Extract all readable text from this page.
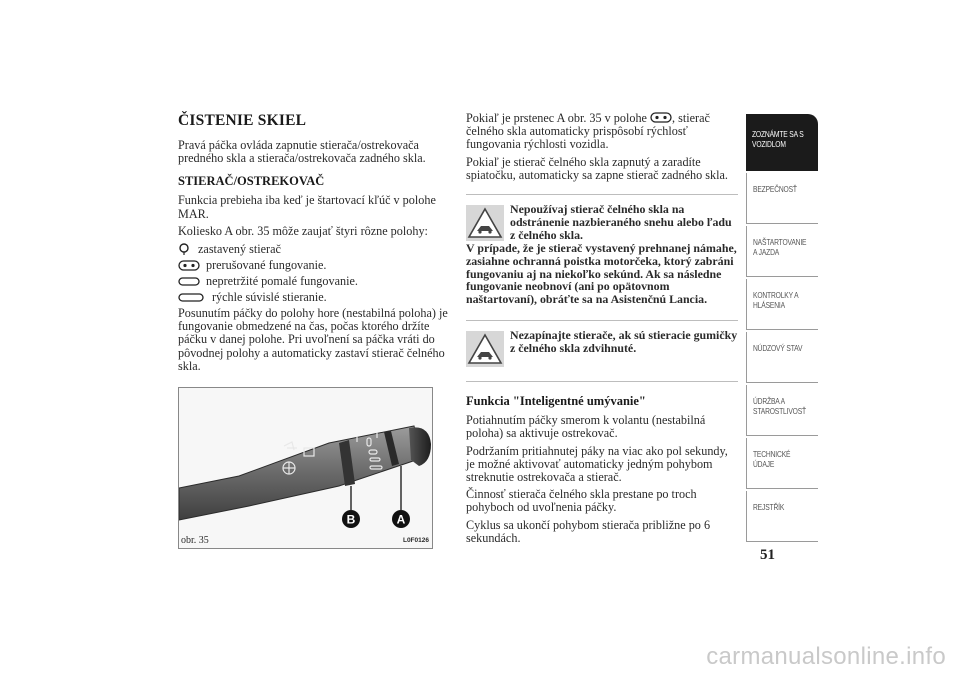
ČISTENIE SKIEL

Pravá páčka ovláda zapnutie stierača/ostrekovača predného skla a stierača/ostrekovača zadného skla.

STIERAČ/OSTREKOVAČ

Funkcia prebieha iba keď je štartovací kľúč v polohe MAR.

Koliesko A obr. 35 môže zaujať štyri rôzne polohy:

zastavený stierač
prerušované fungovanie.
nepretržité pomalé fungovanie.
rýchle súvislé stieranie.

Posunutím páčky do polohy hore (nestabilná poloha) je fungovanie obmedzené na čas, počas ktorého držíte páčku v danej polohe. Pri uvoľnení sa páčka vráti do pôvodnej polohy a automaticky zastaví stierač čelného skla.

B	A
obr. 35	L0F0126

Pokiaľ je prstenec A obr. 35 v polohe , stierač čelného skla automaticky prispôsobí rýchlosť fungovania rýchlosti vozidla.

Pokiaľ je stierač čelného skla zapnutý a zaradíte spiatočku, automaticky sa zapne stierač zadného skla.

Nepoužívaj stierač čelného skla na odstránenie nazbieraného snehu alebo ľadu z čelného skla.
V prípade, že je stierač vystavený prehnanej námahe, zasiahne ochranná poistka motorčeka, ktorý zabráni fungovaniu aj na niekoľko sekúnd. Ak sa následne fungovanie neobnoví (ani po opätovnom naštartovaní), obráťte sa na Asistenčnú Lancia.

Nezapínajte stierače, ak sú stieracie gumičky z čelného skla zdvihnuté.

Funkcia "Inteligentné umývanie"

Potiahnutím páčky smerom k volantu (nestabilná poloha) sa aktivuje ostrekovač.

Podržaním pritiahnutej páky na viac ako pol sekundy, je možné aktivovať automaticky jedným pohybom streknutie ostrekovača a stierač.

Činnosť stierača čelného skla prestane po troch pohyboch od uvoľnenia páčky.

Cyklus sa ukončí pohybom stierača približne po 6 sekundách.

ZOZNÁMTE SA S
VOZIDLOM
BEZPEČNOSŤ
NAŠTARTOVANIE
A JAZDA
KONTROLKY A
HLÁSENIA
NÚDZOVÝ STAV
ÚDRŽBA A
STAROSTLIVOSŤ
TECHNICKÉ
ÚDAJE
REJSTŘÍK
51
carmanualsonline.info
